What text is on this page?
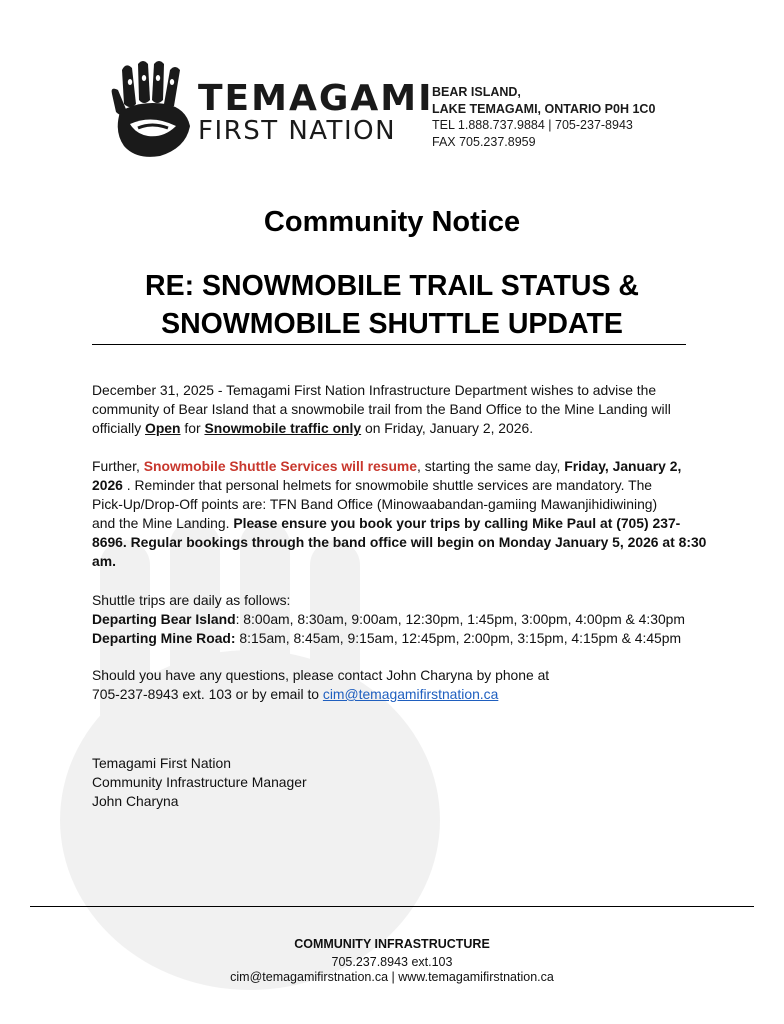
TEMAGAMI
FIRST NATION
BEAR ISLAND,
LAKE TEMAGAMI, ONTARIO P0H 1C0
TEL 1.888.737.9884 | 705-237-8943
FAX 705.237.8959
Community Notice
RE: SNOWMOBILE TRAIL STATUS &
SNOWMOBILE SHUTTLE UPDATE
December 31, 2025 - Temagami First Nation Infrastructure Department wishes to advise the
community of Bear Island that a snowmobile trail from the Band Office to the Mine Landing will
officially Open for Snowmobile traffic only on Friday, January 2, 2026.
Further, Snowmobile Shuttle Services will resume, starting the same day, Friday, January 2,
2026 . Reminder that personal helmets for snowmobile shuttle services are mandatory. The
Pick-Up/Drop-Off points are: TFN Band Office (Minowaabandan-gamiing Mawanjihidiwining)
and the Mine Landing. Please ensure you book your trips by calling Mike Paul at (705) 237-
8696. Regular bookings through the band office will begin on Monday January 5, 2026 at 8:30
am.
Shuttle trips are daily as follows:
Departing Bear Island: 8:00am, 8:30am, 9:00am, 12:30pm, 1:45pm, 3:00pm, 4:00pm & 4:30pm
Departing Mine Road: 8:15am, 8:45am, 9:15am, 12:45pm, 2:00pm, 3:15pm, 4:15pm & 4:45pm
Should you have any questions, please contact John Charyna by phone at
705-237-8943 ext. 103 or by email to cim@temagamifirstnation.ca
Temagami First Nation
Community Infrastructure Manager
John Charyna
COMMUNITY INFRASTRUCTURE
705.237.8943 ext.103
cim@temagamifirstnation.ca | www.temagamifirstnation.ca
